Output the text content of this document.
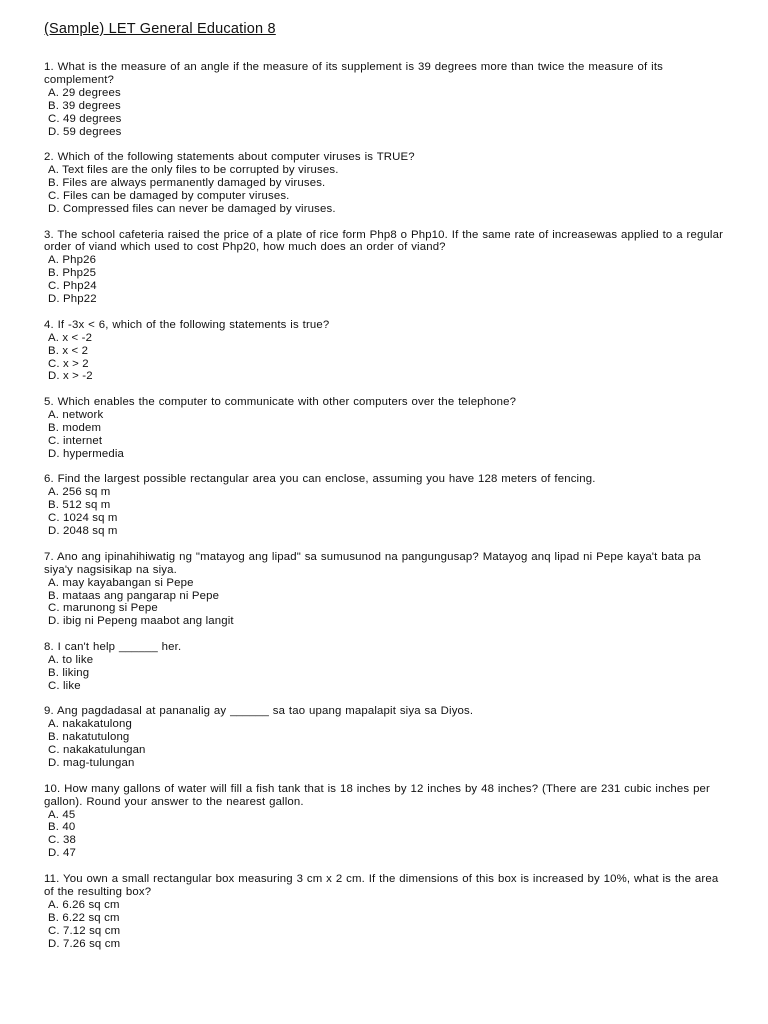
(Sample) LET General Education 8
1. What is the measure of an angle if the measure of its supplement is 39 degrees more than twice the measure of its complement?
A. 29 degrees
B. 39 degrees
C. 49 degrees
D. 59 degrees
2. Which of the following statements about computer viruses is TRUE?
A. Text files are the only files to be corrupted by viruses.
B. Files are always permanently damaged by viruses.
C. Files can be damaged by computer viruses.
D. Compressed files can never be damaged by viruses.
3. The school cafeteria raised the price of a plate of rice form Php8 o Php10. If the same rate of increasewas applied to a regular order of viand which used to cost Php20, how much does an order of viand?
A. Php26
B. Php25
C. Php24
D. Php22
4. If -3x < 6, which of the following statements is true?
A. x < -2
B. x < 2
C. x > 2
D. x > -2
5. Which enables the computer to communicate with other computers over the telephone?
A. network
B. modem
C. internet
D. hypermedia
6. Find the largest possible rectangular area you can enclose, assuming you have 128 meters of fencing.
A. 256 sq m
B. 512 sq m
C. 1024 sq m
D. 2048 sq m
7. Ano ang ipinahihiwatig ng "matayog ang lipad" sa sumusunod na pangungusap? Matayog anq lipad ni Pepe kaya't bata pa siya'y nagsisikap na siya.
A. may kayabangan si Pepe
B. mataas ang pangarap ni Pepe
C. marunong si Pepe
D. ibig ni Pepeng maabot ang langit
8. I can't help ______ her.
A. to like
B. liking
C. like
9. Ang pagdadasal at pananalig ay ______ sa tao upang mapalapit siya sa Diyos.
A. nakakatulong
B. nakatutulong
C. nakakatulungan
D. mag-tulungan
10. How many gallons of water will fill a fish tank that is 18 inches by 12 inches by 48 inches? (There are 231 cubic inches per gallon). Round your answer to the nearest gallon.
A. 45
B. 40
C. 38
D. 47
11. You own a small rectangular box measuring 3 cm x 2 cm. If the dimensions of this box is increased by 10%, what is the area of the resulting box?
A. 6.26 sq cm
B. 6.22 sq cm
C. 7.12 sq cm
D. 7.26 sq cm
